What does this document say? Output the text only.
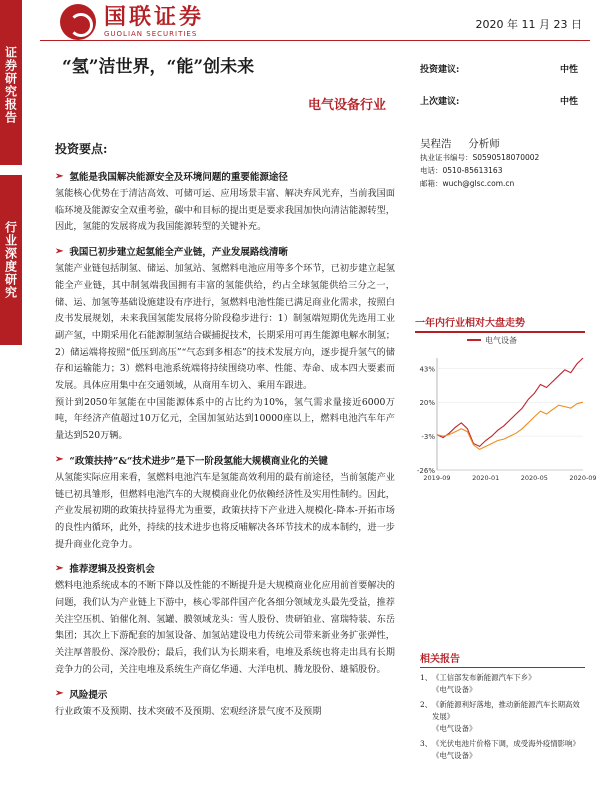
证券研究报告
行业深度研究
国联证券
GUOLIAN SECURITIES
2020 年 11 月 23 日
“氢”洁世界，“能”创未来
电气设备行业
投资建议:	中性
上次建议:	中性
投资要点:
➢ 氢能是我国解决能源安全及环境问题的重要能源途径

氢能核心优势在于清洁高效、可储可运、应用场景丰富、解决弃风光弃，当前我国面临环境及能源安全双重考验，碳中和目标的提出更是要求我国加快向清洁能源转型，因此，氢能的发展将成为我国能源转型的关键补充。

➢ 我国已初步建立起氢能全产业链，产业发展路线清晰

氢能产业链包括制氢、储运、加氢站、氢燃料电池应用等多个环节，已初步建立起氢能全产业链，其中制氢端我国拥有丰富的氢能供给，约占全球氢能供给三分之一，储、运、加氢等基础设施建设有序进行，氢燃料电池性能已满足商业化需求，按照白皮书发展规划，未来我国氢能发展将分阶段稳步进行：1）制氢端短期优先选用工业副产氢，中期采用化石能源制氢结合碳捕捉技术，长期采用可再生能源电解水制氢；2）储运端将按照“低压到高压”“气态到多相态”的技术发展方向，逐步提升氢气的储存和运输能力；3）燃料电池系统端将持续围绕功率、性能、寿命、成本四大要素而发展。具体应用集中在交通领域，从商用车切入、乘用车跟进。

预计到2050年氢能在中国能源体系中的占比约为10%，氢气需求量接近6000万吨，年经济产值超过10万亿元，全国加氢站达到10000座以上，燃料电池汽车年产量达到520万辆。

➢ “政策扶持”&“技术进步”是下一阶段氢能大规模商业化的关键

从氢能实际应用来看，氢燃料电池汽车是氢能高效利用的最有前途径，当前氢能产业链已初具雏形，但燃料电池汽车的大规模商业化仍依赖经济性及实用性制约。因此，产业发展初期的政策扶持显得尤为重要，政策扶持下产业进入规模化-降本-开拓市场的良性内循环，此外，持续的技术进步也将反哺解决各环节技术的成本制约，进一步提升商业化竞争力。

➢ 推荐逻辑及投资机会

燃料电池系统成本的不断下降以及性能的不断提升是大规模商业化应用前首要解决的问题，我们认为产业链上下游中，核心零部件国产化各细分领域龙头最先受益，推荐关注空压机、铂催化剂、氢罐、膜领域龙头：雪人股份、贵研铂业、富瑞特装、东岳集团；其次上下游配套的加氢设备、加氢站建设电力传统公司带来新业务扩张弹性，关注厚普股份、深冷股份；最后，我们认为长期来看，电堆及系统也将走出具有长期竞争力的公司，关注电堆及系统生产商亿华通、大洋电机、腾龙股份、雄韬股份。

➢ 风险提示

行业政策不及预期、技术突破不及预期、宏观经济景气度不及预期

吴程浩 分析师
执业证书编号：S0590518070002
电话：0510-85613163
邮箱：wuch@glsc.com.cn
一年内行业相对大盘走势
电气设备
43%
20%
-3%
-26%
2019-09	2020-01	2020-05	2020-09
相关报告
1、 《工信部发布新能源汽车下乡》
《电气设备》
2、 《新能源利好落地，推动新能源汽车长期高效发展》
《电气设备》
3、 《光伏电池片价格下调，成受海外疫情影响》
《电气设备》
